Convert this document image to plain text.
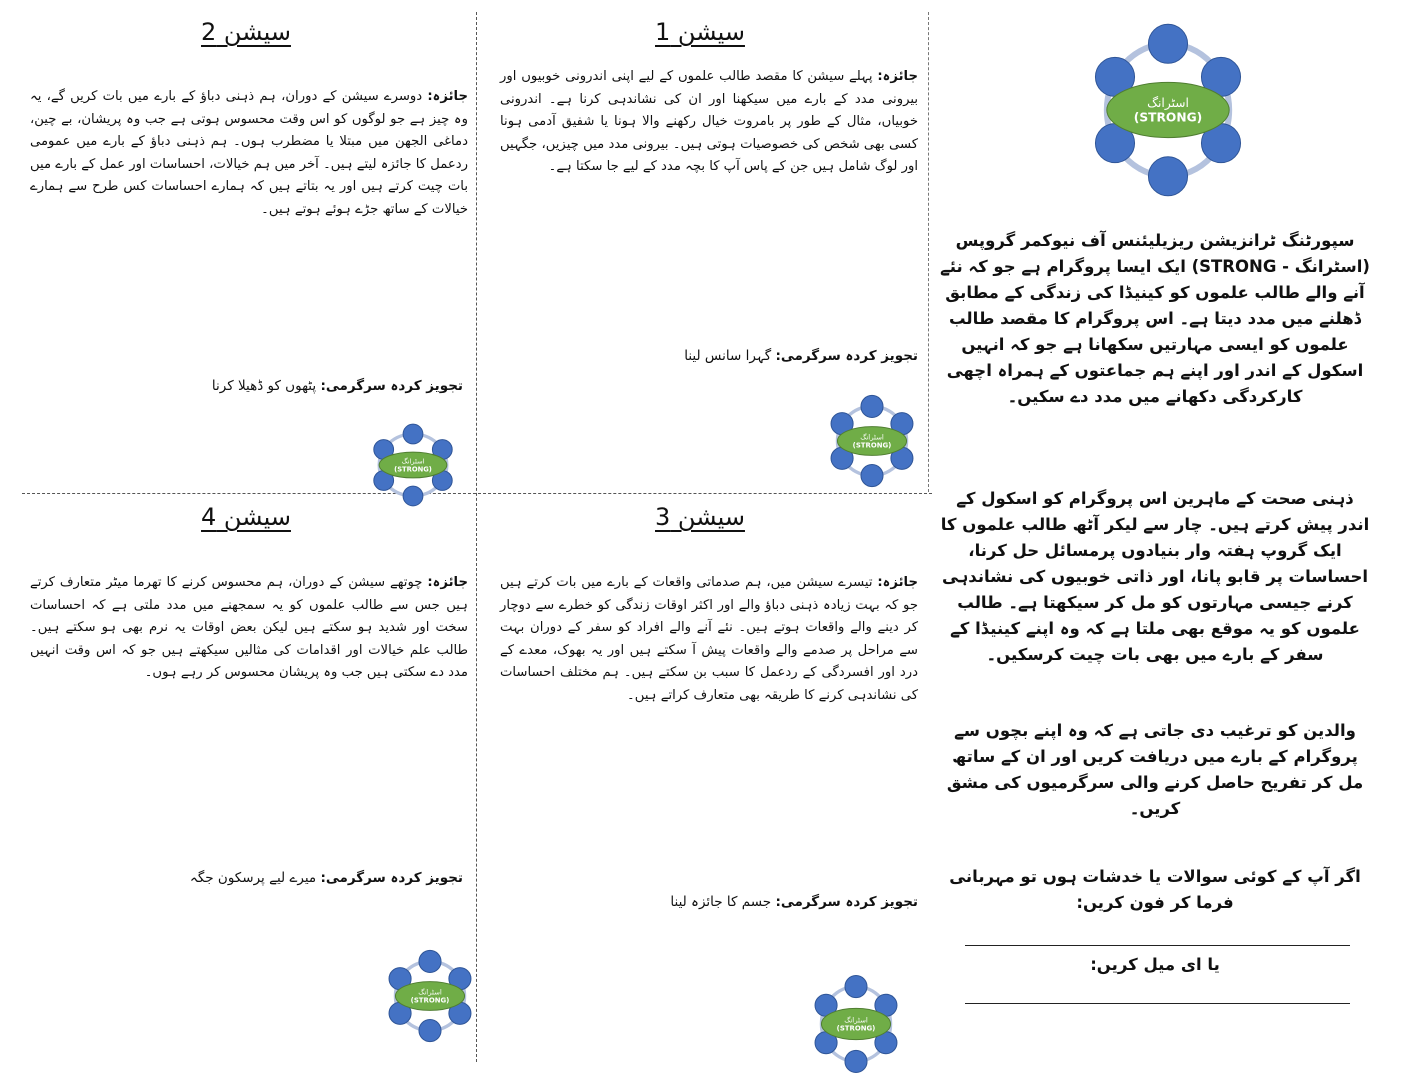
سیشن 1
جائزہ: پہلے سیشن کا مقصد طالب علموں کے لیے اپنی اندرونی خوبیوں اور بیرونی مدد کے بارے میں سیکھنا اور ان کی نشاندہی کرنا ہے۔ اندرونی خوبیاں، مثال کے طور پر بامروت خیال رکھنے والا ہونا یا شفیق آدمی ہونا کسی بھی شخص کی خصوصیات ہوتی ہیں۔ بیرونی مدد میں چیزیں، جگہیں اور لوگ شامل ہیں جن کے پاس آپ کا بچہ مدد کے لیے جا سکتا ہے۔
تجویز کردہ سرگرمی: گہرا سانس لینا
سیشن 2
جائزہ: دوسرے سیشن کے دوران، ہم ذہنی دباؤ کے بارے میں بات کریں گے، یہ وہ چیز ہے جو لوگوں کو اس وقت محسوس ہوتی ہے جب وہ پریشان، بے چین، دماغی الجھن میں مبتلا یا مضطرب ہوں۔ ہم ذہنی دباؤ کے بارے میں عمومی ردعمل کا جائزہ لیتے ہیں۔ آخر میں ہم خیالات، احساسات اور عمل کے بارے میں بات چیت کرتے ہیں اور یہ بتاتے ہیں کہ ہمارے احساسات کس طرح سے ہمارے خیالات کے ساتھ جڑے ہوئے ہوتے ہیں۔
تجویز کردہ سرگرمی: پٹھوں کو ڈھیلا کرنا
سیشن 3
جائزہ: تیسرے سیشن میں، ہم صدماتی واقعات کے بارے میں بات کرتے ہیں جو کہ بہت زیادہ ذہنی دباؤ والے اور اکثر اوقات زندگی کو خطرے سے دوچار کر دینے والے واقعات ہوتے ہیں۔ نئے آنے والے افراد کو سفر کے دوران بہت سے مراحل پر صدمے والے واقعات پیش آ سکتے ہیں اور یہ بھوک، معدے کے درد اور افسردگی کے ردعمل کا سبب بن سکتے ہیں۔ ہم مختلف احساسات کی نشاندہی کرنے کا طریقہ بھی متعارف کراتے ہیں۔
تجویز کردہ سرگرمی: جسم کا جائزہ لینا
سیشن 4
جائزہ: چوتھے سیشن کے دوران، ہم محسوس کرنے کا تھرما میٹر متعارف کرتے ہیں جس سے طالب علموں کو یہ سمجھنے میں مدد ملتی ہے کہ احساسات سخت اور شدید ہو سکتے ہیں لیکن بعض اوقات یہ نرم بھی ہو سکتے ہیں۔ طالب علم خیالات اور اقدامات کی مثالیں سیکھتے ہیں جو کہ اس وقت انہیں مدد دے سکتی ہیں جب وہ پریشان محسوس کر رہے ہوں۔
تجویز کردہ سرگرمی: میرے لیے پرسکون جگہ
اسٹرانگ
(STRONG)
اسٹرانگ
(STRONG)
اسٹرانگ
(STRONG)
اسٹرانگ
(STRONG)
اسٹرانگ
(STRONG)
سپورٹنگ ٹرانزیشن ریزیلیئنس آف نیوکمر گروپس (اسٹرانگ - STRONG) ایک ایسا پروگرام ہے جو کہ نئے آنے والے طالب علموں کو کینیڈا کی زندگی کے مطابق ڈھلنے میں مدد دیتا ہے۔ اس پروگرام کا مقصد طالب علموں کو ایسی مہارتیں سکھانا ہے جو کہ انہیں اسکول کے اندر اور اپنے ہم جماعتوں کے ہمراہ اچھی کارکردگی دکھانے میں مدد دے سکیں۔
ذہنی صحت کے ماہرین اس پروگرام کو اسکول کے اندر پیش کرتے ہیں۔ چار سے لیکر آٹھ طالب علموں کا ایک گروپ ہفتہ وار بنیادوں پرمسائل حل کرنا، احساسات پر قابو پانا، اور ذاتی خوبیوں کی نشاندہی کرنے جیسی مہارتوں کو مل کر سیکھتا ہے۔ طالب علموں کو یہ موقع بھی ملتا ہے کہ وہ اپنے کینیڈا کے سفر کے بارے میں بھی بات چیت کرسکیں۔
والدین کو ترغیب دی جاتی ہے کہ وہ اپنے بچوں سے پروگرام کے بارے میں دریافت کریں اور ان کے ساتھ مل کر تفریح حاصل کرنے والی سرگرمیوں کی مشق کریں۔
اگر آپ کے کوئی سوالات یا خدشات ہوں تو مہربانی فرما کر فون کریں:
یا ای میل کریں:
